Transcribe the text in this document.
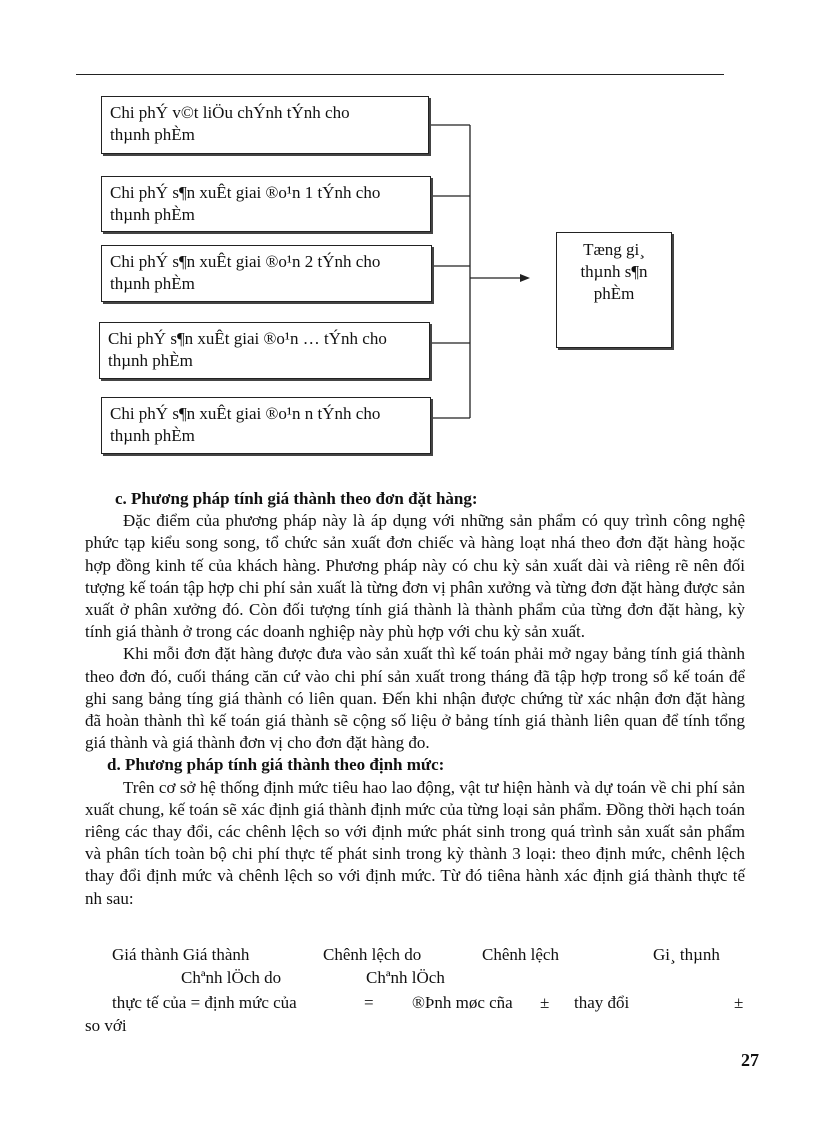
Chi phÝ v©t liÖu chÝnh tÝnh cho
thµnh phÈm
Chi phÝ s¶n xuÊt giai ®o¹n 1 tÝnh cho
thµnh phÈm
Chi phÝ s¶n xuÊt giai ®o¹n 2 tÝnh cho
thµnh phÈm
Chi phÝ s¶n xuÊt giai ®o¹n … tÝnh cho
thµnh phÈm
Chi phÝ s¶n xuÊt giai ®o¹n n tÝnh cho
thµnh phÈm
Tæng gi¸
thµnh s¶n
phÈm

c. Phương pháp tính giá thành theo đơn đặt hàng:

Đặc điểm của phương pháp này là áp dụng với những sản phẩm có quy trình công nghệ phức tạp kiểu song song, tổ chức sản xuất đơn chiếc và hàng loạt nhá theo đơn đặt hàng hoặc hợp đồng kinh tế của khách hàng. Phương pháp này có chu kỳ sản xuất dài và riêng rẽ nên đối tượng kế toán tập hợp chi phí sản xuất là từng đơn vị phân xưởng và từng đơn đặt hàng được sản xuất ở phân xưởng đó. Còn đối tượng tính giá thành là thành phẩm của từng đơn đặt hàng, kỳ tính giá thành ở trong các doanh nghiệp này phù hợp với chu kỳ sản xuất.

Khi mỗi đơn đặt hàng được đưa vào sản xuất thì kế toán phải mở ngay bảng tính giá thành theo đơn đó, cuối tháng căn cứ vào chi phí sản xuất trong tháng đã tập hợp trong sổ kế toán để ghi sang bảng tíng giá thành có liên quan. Đến khi nhận được chứng từ xác nhận đơn đặt hàng đã hoàn thành thì kế toán giá thành sẽ cộng số liệu ở bảng tính giá thành liên quan để tính tổng giá thành và giá thành đơn vị cho đơn đặt hàng đo.

d. Phương pháp tính giá thành theo định mức:

Trên cơ sở hệ thống định mức tiêu hao lao động, vật tư hiện hành và dự toán về chi phí sản xuất chung, kế toán sẽ xác định giá thành định mức của từng loại sản phẩm. Đồng thời hạch toán riêng các thay đổi, các chênh lệch so với định mức phát sinh trong quá trình sản xuất sản phẩm và phân tích toàn bộ chi phí thực tế phát sinh trong kỳ thành 3 loại: theo định mức, chênh lệch thay đổi định mức và chênh lệch so với định mức. Từ đó tiêna hành xác định giá thành thực tế nh sau:

Giá thành Giá thành	Chênh lệch do	Chênh lệch	Gi¸ thµnh
Chªnh lÖch do	Chªnh lÖch
thực tế của = định mức của	= ®Þnh møc cña ± thay đổi	±
so với
27
